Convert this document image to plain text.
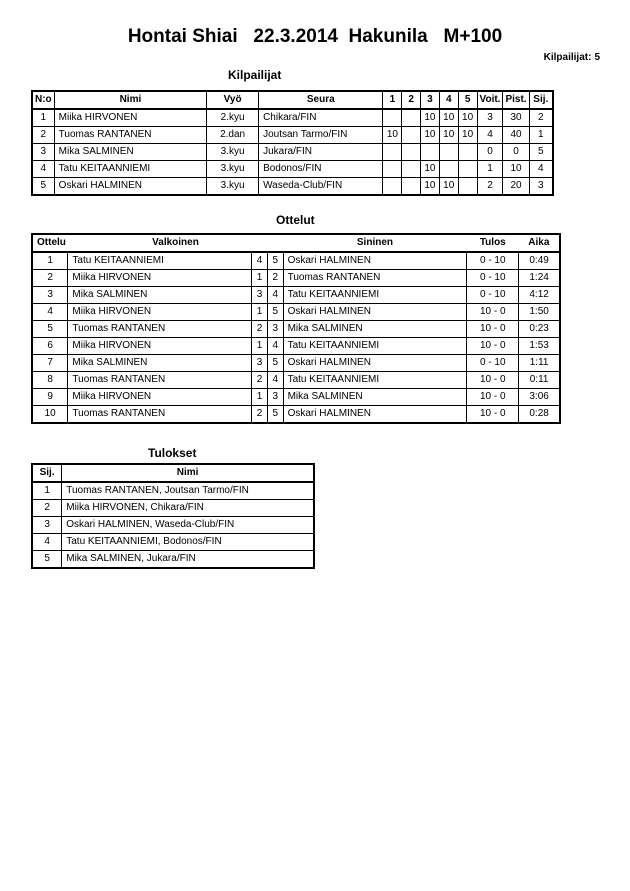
Hontai Shiai   22.3.2014  Hakunila   M+100
Kilpailijat: 5
Kilpailijat
N:o	Nimi	Vyö	Seura	1	2	3	4	5	Voit.	Pist.	Sij.
1	Miika HIRVONEN	2.kyu	Chikara/FIN			10	10	10	3	30	2
2	Tuomas RANTANEN	2.dan	Joutsan Tarmo/FIN	10		10	10	10	4	40	1
3	Mika SALMINEN	3.kyu	Jukara/FIN						0	0	5
4	Tatu KEITAANNIEMI	3.kyu	Bodonos/FIN			10			1	10	4
5	Oskari HALMINEN	3.kyu	Waseda-Club/FIN			10	10		2	20	3
Ottelut
Ottelu	Valkoinen			Sininen	Tulos	Aika
1	Tatu KEITAANNIEMI	4	5	Oskari HALMINEN	0 - 10	0:49
2	Miika HIRVONEN	1	2	Tuomas RANTANEN	0 - 10	1:24
3	Mika SALMINEN	3	4	Tatu KEITAANNIEMI	0 - 10	4:12
4	Miika HIRVONEN	1	5	Oskari HALMINEN	10 - 0	1:50
5	Tuomas RANTANEN	2	3	Mika SALMINEN	10 - 0	0:23
6	Miika HIRVONEN	1	4	Tatu KEITAANNIEMI	10 - 0	1:53
7	Mika SALMINEN	3	5	Oskari HALMINEN	0 - 10	1:11
8	Tuomas RANTANEN	2	4	Tatu KEITAANNIEMI	10 - 0	0:11
9	Miika HIRVONEN	1	3	Mika SALMINEN	10 - 0	3:06
10	Tuomas RANTANEN	2	5	Oskari HALMINEN	10 - 0	0:28
Tulokset
Sij.	Nimi
1	Tuomas RANTANEN, Joutsan Tarmo/FIN
2	Miika HIRVONEN, Chikara/FIN
3	Oskari HALMINEN, Waseda-Club/FIN
4	Tatu KEITAANNIEMI, Bodonos/FIN
5	Mika SALMINEN, Jukara/FIN
